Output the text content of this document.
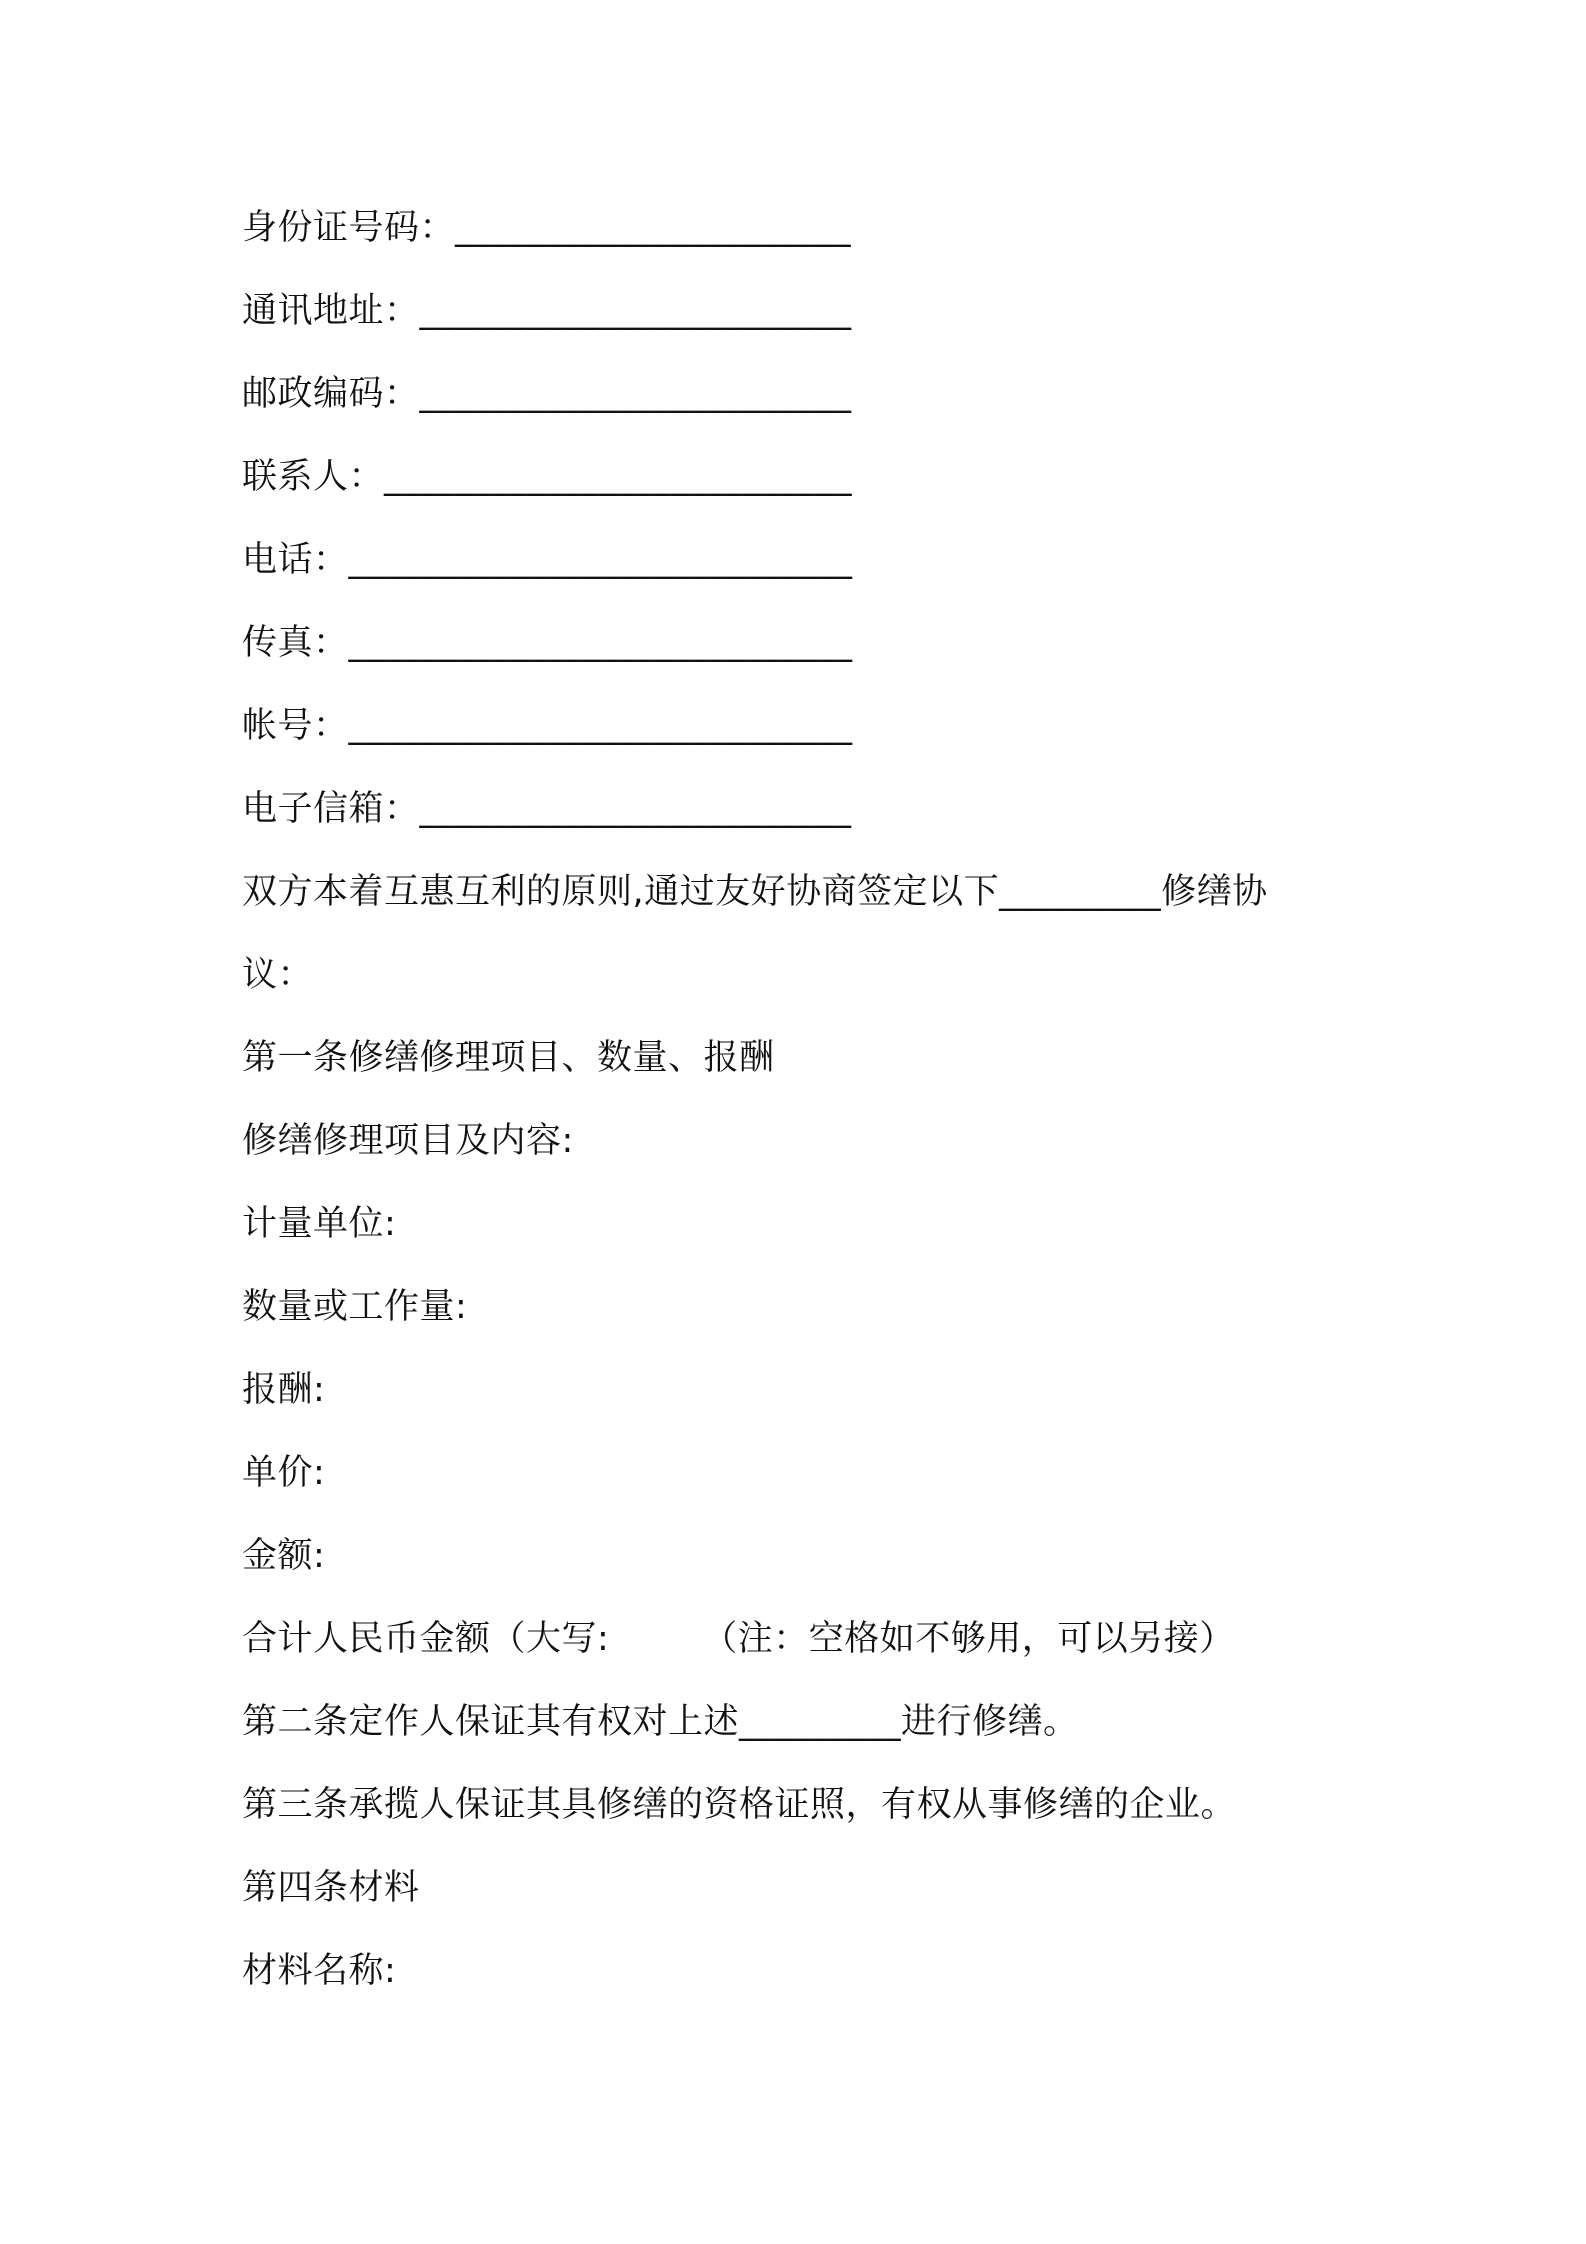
身份证号码：______________________
通讯地址：________________________
邮政编码：________________________
联系人：__________________________
电话：____________________________
传真：____________________________
帐号：____________________________
电子信箱：________________________
双方本着互惠互利的原则,通过友好协商签定以下_________修缮协
议：
第一条修缮修理项目、数量、报酬
修缮修理项目及内容:
计量单位:
数量或工作量:
报酬:
单价:
金额:
合计人民币金额（大写:        （注：空格如不够用，可以另接）
第二条定作人保证其有权对上述_________进行修缮。
第三条承揽人保证其具修缮的资格证照，有权从事修缮的企业。
第四条材料
材料名称:
